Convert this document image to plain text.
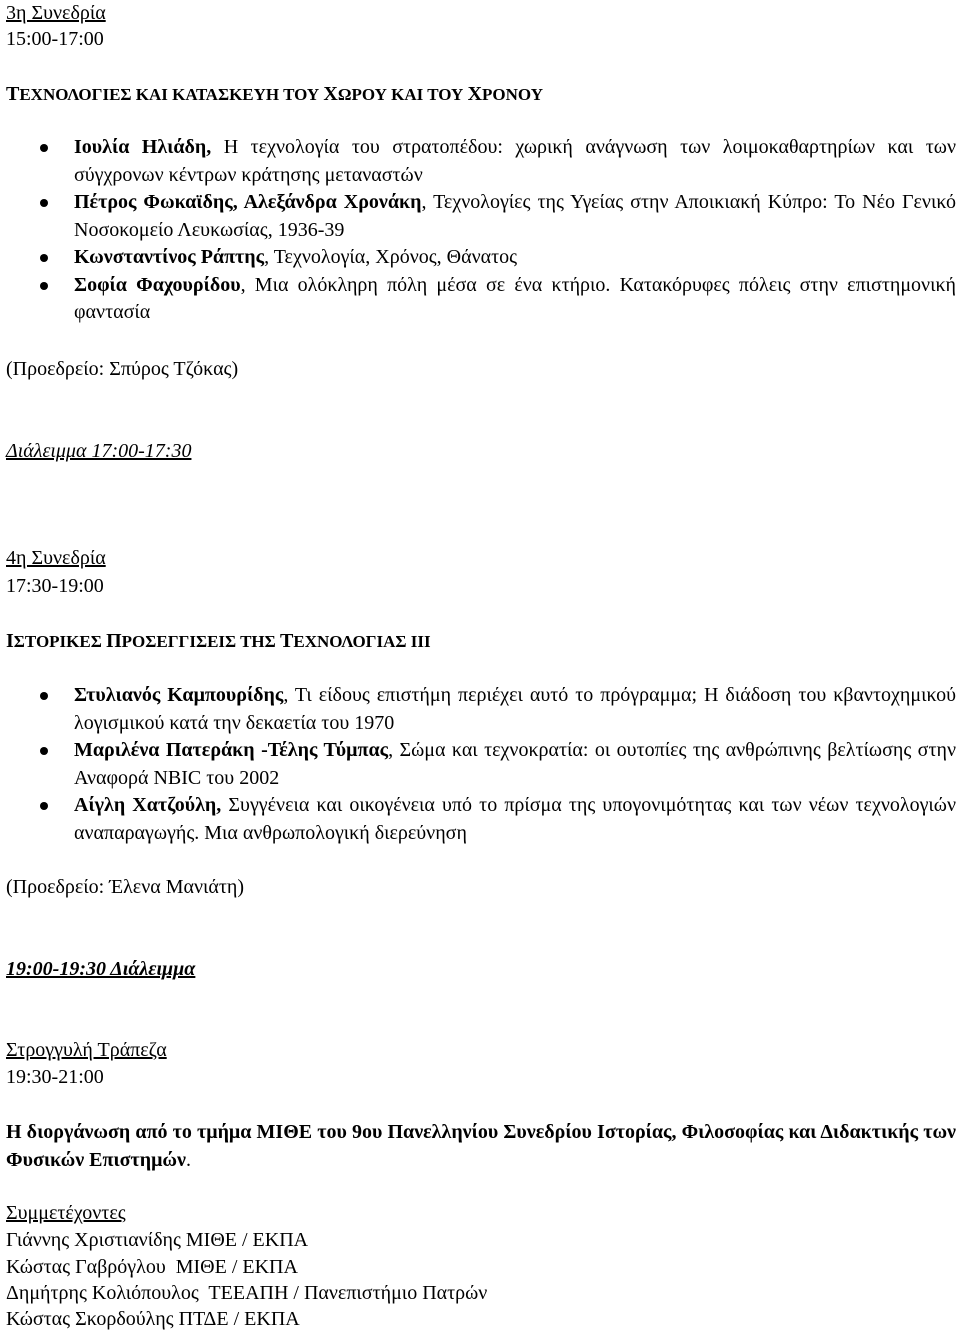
3η Συνεδρία
15:00-17:00
ΤΕΧΝΟΛΟΓΙΕΣ ΚΑΙ ΚΑΤΑΣΚΕΥΗ ΤΟΥ ΧΩΡΟΥ ΚΑΙ ΤΟΥ ΧΡΟΝΟΥ
Ιουλία Ηλιάδη, Η τεχνολογία του στρατοπέδου: χωρική ανάγνωση των λοιμοκαθαρτηρίων και των σύγχρονων κέντρων κράτησης μεταναστών
Πέτρος Φωκαϊδης, Αλεξάνδρα Χρονάκη, Τεχνολογίες της Υγείας στην Αποικιακή Κύπρο: Το Νέο Γενικό Νοσοκομείο Λευκωσίας, 1936-39
Κωνσταντίνος Ράπτης, Τεχνολογία, Χρόνος, Θάνατος
Σοφία Φαχουρίδου, Μια ολόκληρη πόλη μέσα σε ένα κτήριο. Κατακόρυφες πόλεις στην επιστημονική φαντασία
(Προεδρείο: Σπύρος Τζόκας)
Διάλειμμα 17:00-17:30
4η Συνεδρία
17:30-19:00
ΙΣΤΟΡΙΚΕΣ ΠΡΟΣΕΓΓΙΣΕΙΣ ΤΗΣ ΤΕΧΝΟΛΟΓΙΑΣ ΙΙΙ
Στυλιανός Καμπουρίδης, Τι είδους επιστήμη περιέχει αυτό το πρόγραμμα; Η διάδοση του κβαντοχημικού λογισμικού κατά την δεκαετία του 1970
Μαριλένα Πατεράκη -Τέλης Τύμπας, Σώμα και τεχνοκρατία: οι ουτοπίες της ανθρώπινης βελτίωσης στην Αναφορά NBIC του 2002
Αίγλη Χατζούλη, Συγγένεια και οικογένεια υπό το πρίσμα της υπογονιμότητας και των νέων τεχνολογιών αναπαραγωγής. Μια ανθρωπολογική διερεύνηση
(Προεδρείο: Έλενα Μανιάτη)
19:00-19:30 Διάλειμμα
Στρογγυλή Τράπεζα
19:30-21:00
Η διοργάνωση από το τμήμα ΜΙΘΕ του 9ου Πανελληνίου Συνεδρίου Ιστορίας, Φιλοσοφίας και Διδακτικής των Φυσικών Επιστημών.
Συμμετέχοντες
Γιάννης Χριστιανίδης ΜΙΘΕ / ΕΚΠΑ
Κώστας Γαβρόγλου  ΜΙΘΕ / ΕΚΠΑ
Δημήτρης Κολιόπουλος  ΤΕΕΑΠΗ / Πανεπιστήμιο Πατρών
Κώστας Σκορδούλης ΠΤΔΕ / ΕΚΠΑ
